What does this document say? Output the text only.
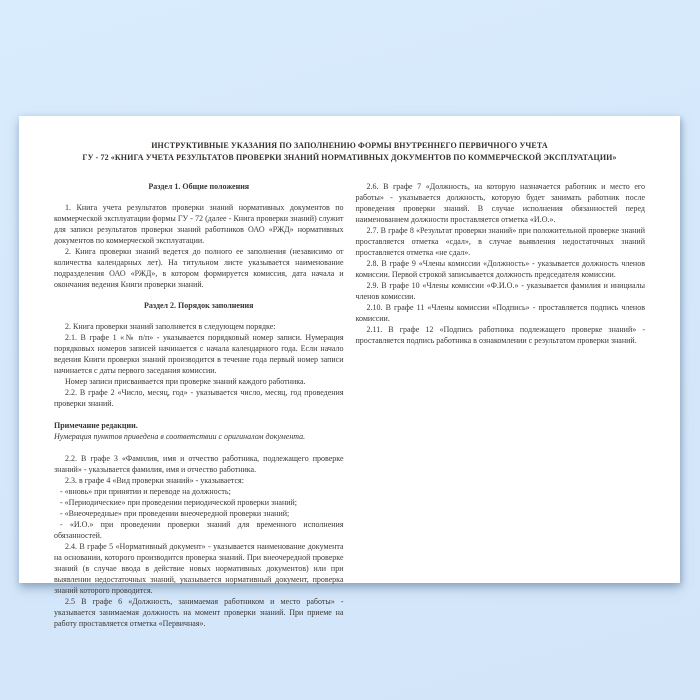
ИНСТРУКТИВНЫЕ УКАЗАНИЯ ПО ЗАПОЛНЕНИЮ ФОРМЫ ВНУТРЕННЕГО ПЕРВИЧНОГО УЧЕТА
ГУ - 72 «КНИГА УЧЕТА РЕЗУЛЬТАТОВ ПРОВЕРКИ ЗНАНИЙ НОРМАТИВНЫХ ДОКУМЕНТОВ ПО КОММЕРЧЕСКОЙ ЭКСПЛУАТАЦИИ»
Раздел 1. Общие положения

1. Книга учета результатов проверки знаний нормативных документов по коммерческой эксплуатации формы ГУ - 72 (далее - Книга проверки знаний) служит для записи результатов проверки знаний работников ОАО «РЖД» нормативных документов по коммерческой эксплуатации.

2. Книга проверки знаний ведется до полного ее заполнения (независимо от количества календарных лет). На титульном листе указывается наименование подразделения ОАО «РЖД», в котором формируется комиссия, дата начала и окончания ведения Книги проверки знаний.

Раздел 2. Порядок заполнения

2. Книга проверки знаний заполняется в следующем порядке:

2.1. В графе 1 «№ п/п» - указывается порядковый номер записи. Нумерация порядковых номеров записей начинается с начала календарного года. Если начало ведения Книги проверки знаний производится в течение года первый номер записи начинается с даты первого заседания комиссии.

Номер записи присваивается при проверке знаний каждого работника.

2.2. В графе 2 «Число, месяц, год» - указывается число, месяц, год проведения проверки знаний.

Примечание редакции.

Нумерация пунктов приведена в соответствии с оригиналом документа.

2.2. В графе 3 «Фамилия, имя и отчество работника, подлежащего проверке знаний» - указывается фамилия, имя и отчество работника.

2.3. в графе 4 «Вид проверки знаний» - указывается:

- «вновь» при принятии и переводе на должность;

- «Периодические» при проведении периодической проверки знаний;

- «Внеочередные» при проведении внеочередной проверки знаний;

- «И.О.» при проведении проверки знаний для временного исполнения обязанностей.

2.4. В графе 5 «Нормативный документ» - указывается наименование документа на основании, которого производится проверка знаний. При внеочередной проверке знаний (в случае ввода в действие новых нормативных документов) или при выявлении недостаточных знаний, указывается нормативный документ, проверка знаний которого проводится.

2.5 В графе 6 «Должность, занимаемая работником и место работы» - указывается занимаемая должность на момент проверки знаний. При приеме на работу проставляется отметка «Первичная».

2.6. В графе 7 «Должность, на которую назначается работник и место его работы» - указывается должность, которую будет занимать работник после проведения проверки знаний. В случае исполнения обязанностей перед наименованием должности проставляется отметка «И.О.».

2.7. В графе 8 «Результат проверки знаний» при положительной проверке знаний проставляется отметка «сдал», в случае выявления недостаточных знаний проставляется отметка «не сдал».

2.8. В графе 9 «Члены комиссии «Должность» - указывается должность членов комиссии. Первой строкой записывается должность председателя комиссии.

2.9. В графе 10 «Члены комиссии «Ф.И.О.» - указывается фамилия и инициалы членов комиссии.

2.10. В графе 11 «Члены комиссии «Подпись» - проставляется подпись членов комиссии.

2.11. В графе 12 «Подпись работника подлежащего проверке знаний» - проставляется подпись работника в ознакомлении с результатом проверки знаний.
